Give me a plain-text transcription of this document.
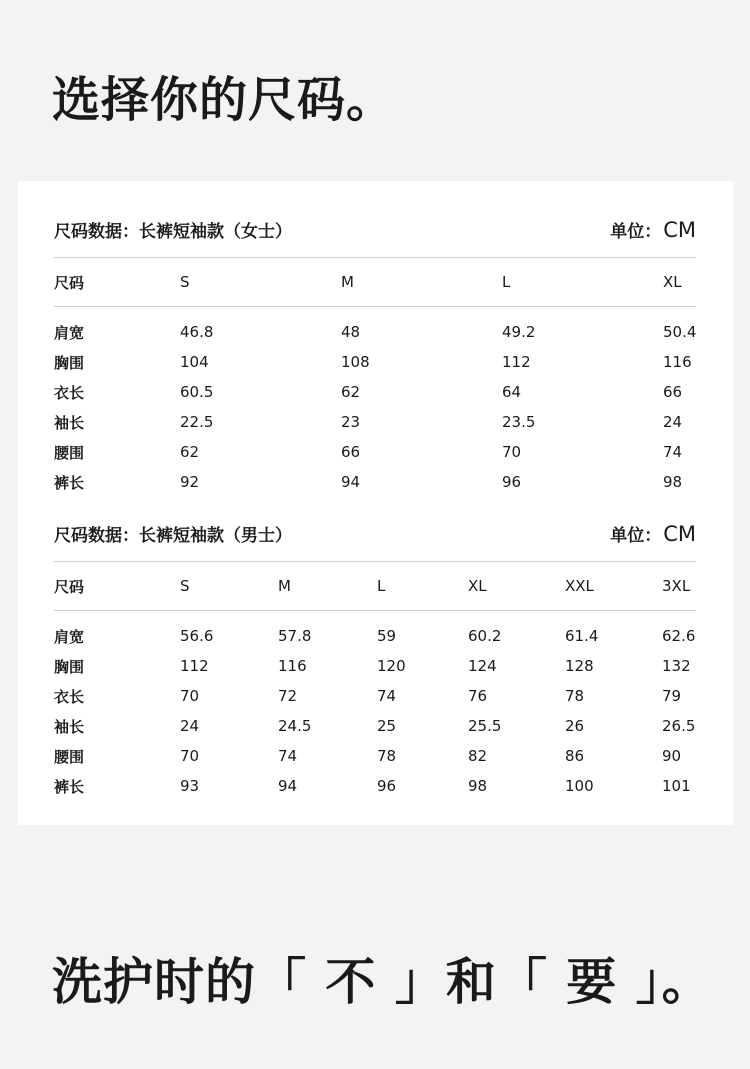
选择你的尺码。
尺码数据：长裤短袖款（女士）	单位：CM
尺码	S	M	L	XL
肩宽	46.8	48	49.2	50.4
胸围	104	108	112	116
衣长	60.5	62	64	66
袖长	22.5	23	23.5	24
腰围	62	66	70	74
裤长	92	94	96	98
尺码数据：长裤短袖款（男士）	单位：CM
尺码	S	M	L	XL	XXL	3XL
肩宽	56.6	57.8	59	60.2	61.4	62.6
胸围	112	116	120	124	128	132
衣长	70	72	74	76	78	79
袖长	24	24.5	25	25.5	26	26.5
腰围	70	74	78	82	86	90
裤长	93	94	96	98	100	101
洗护时的「 不 」和「 要 」。
